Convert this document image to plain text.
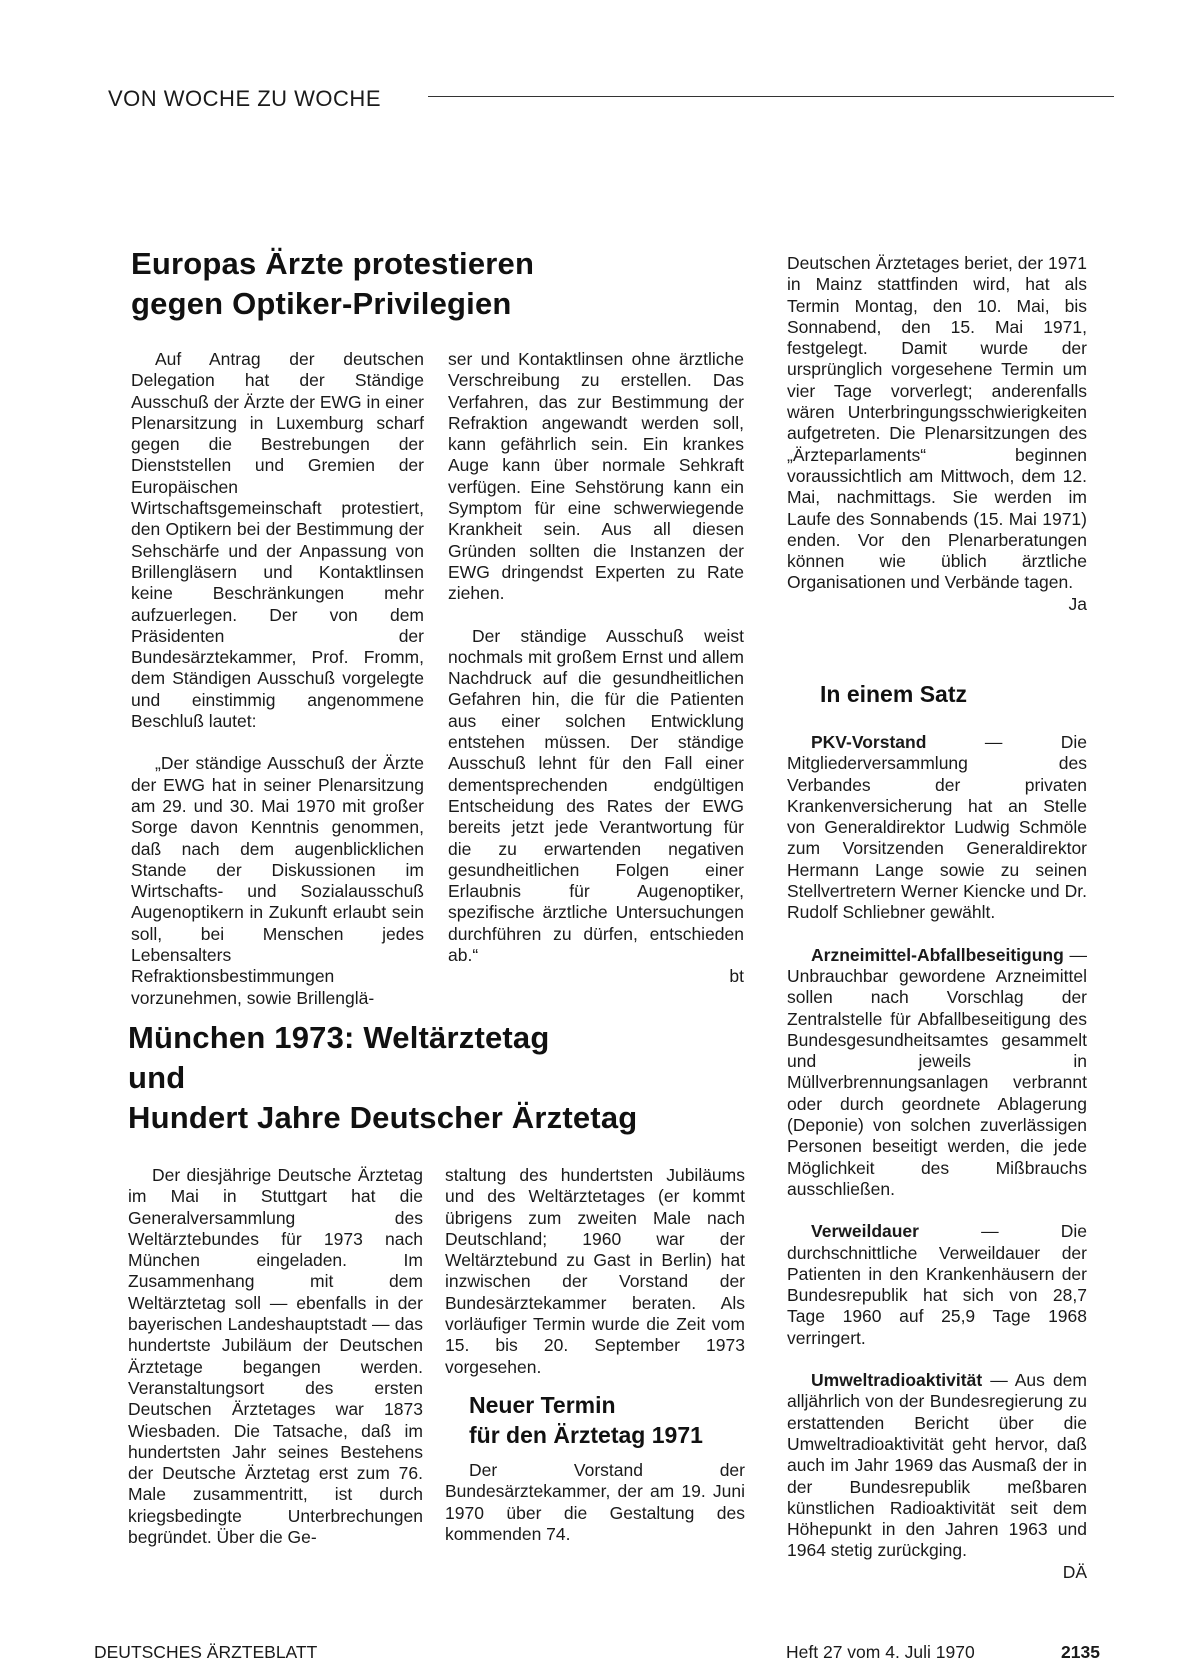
VON WOCHE ZU WOCHE
Europas Ärzte protestieren
gegen Optiker-Privilegien

Auf Antrag der deutschen Delegation hat der Ständige Ausschuß der Ärzte der EWG in einer Plenarsitzung in Luxemburg scharf gegen die Bestrebungen der Dienststellen und Gremien der Europäischen Wirtschaftsgemeinschaft protestiert, den Optikern bei der Bestimmung der Sehschärfe und der Anpassung von Brillengläsern und Kontaktlinsen keine Beschränkungen mehr aufzuerlegen. Der von dem Präsidenten der Bundesärztekammer, Prof. Fromm, dem Ständigen Ausschuß vorgelegte und einstimmig angenommene Beschluß lautet:

„Der ständige Ausschuß der Ärzte der EWG hat in seiner Plenarsitzung am 29. und 30. Mai 1970 mit großer Sorge davon Kenntnis genommen, daß nach dem augenblicklichen Stande der Diskussionen im Wirtschafts- und Sozialausschuß Augenoptikern in Zukunft erlaubt sein soll, bei Menschen jedes Lebensalters Refraktionsbestimmungen vorzunehmen, sowie Brillenglä-

ser und Kontaktlinsen ohne ärztliche Verschreibung zu erstellen. Das Verfahren, das zur Bestimmung der Refraktion angewandt werden soll, kann gefährlich sein. Ein krankes Auge kann über normale Sehkraft verfügen. Eine Sehstörung kann ein Symptom für eine schwerwiegende Krankheit sein. Aus all diesen Gründen sollten die Instanzen der EWG dringendst Experten zu Rate ziehen.

Der ständige Ausschuß weist nochmals mit großem Ernst und allem Nachdruck auf die gesundheitlichen Gefahren hin, die für die Patienten aus einer solchen Entwicklung entstehen müssen. Der ständige Ausschuß lehnt für den Fall einer dementsprechenden endgültigen Entscheidung des Rates der EWG bereits jetzt jede Verantwortung für die zu erwartenden negativen gesundheitlichen Folgen einer Erlaubnis für Augenoptiker, spezifische ärztliche Untersuchungen durchführen zu dürfen, entschieden ab.“
bt

München 1973: Weltärztetag
und
Hundert Jahre Deutscher Ärztetag

Der diesjährige Deutsche Ärztetag im Mai in Stuttgart hat die Generalversammlung des Weltärztebundes für 1973 nach München eingeladen. Im Zusammenhang mit dem Weltärztetag soll — ebenfalls in der bayerischen Landeshauptstadt — das hundertste Jubiläum der Deutschen Ärztetage begangen werden. Veranstaltungsort des ersten Deutschen Ärztetages war 1873 Wiesbaden. Die Tatsache, daß im hundertsten Jahr seines Bestehens der Deutsche Ärztetag erst zum 76. Male zusammentritt, ist durch kriegsbedingte Unterbrechungen begründet. Über die Ge-

staltung des hundertsten Jubiläums und des Weltärztetages (er kommt übrigens zum zweiten Male nach Deutschland; 1960 war der Weltärztebund zu Gast in Berlin) hat inzwischen der Vorstand der Bundesärztekammer beraten. Als vorläufiger Termin wurde die Zeit vom 15. bis 20. September 1973 vorgesehen.

Neuer Termin
für den Ärztetag 1971

Der Vorstand der Bundesärztekammer, der am 19. Juni 1970 über die Gestaltung des kommenden 74.

Deutschen Ärztetages beriet, der 1971 in Mainz stattfinden wird, hat als Termin Montag, den 10. Mai, bis Sonnabend, den 15. Mai 1971, festgelegt. Damit wurde der ursprünglich vorgesehene Termin um vier Tage vorverlegt; anderenfalls wären Unterbringungsschwierigkeiten aufgetreten. Die Plenarsitzungen des „Ärzteparlaments“ beginnen voraussichtlich am Mittwoch, dem 12. Mai, nachmittags. Sie werden im Laufe des Sonnabends (15. Mai 1971) enden. Vor den Plenarberatungen können wie üblich ärztliche Organisationen und Verbände tagen.
Ja

In einem Satz

PKV-Vorstand — Die Mitgliederversammlung des Verbandes der privaten Krankenversicherung hat an Stelle von Generaldirektor Ludwig Schmöle zum Vorsitzenden Generaldirektor Hermann Lange sowie zu seinen Stellvertretern Werner Kiencke und Dr. Rudolf Schliebner gewählt.

Arzneimittel-Abfallbeseitigung — Unbrauchbar gewordene Arzneimittel sollen nach Vorschlag der Zentralstelle für Abfallbeseitigung des Bundesgesundheitsamtes gesammelt und jeweils in Müllverbrennungsanlagen verbrannt oder durch geordnete Ablagerung (Deponie) von solchen zuverlässigen Personen beseitigt werden, die jede Möglichkeit des Mißbrauchs ausschließen.

Verweildauer — Die durchschnittliche Verweildauer der Patienten in den Krankenhäusern der Bundesrepublik hat sich von 28,7 Tage 1960 auf 25,9 Tage 1968 verringert.

Umweltradioaktivität — Aus dem alljährlich von der Bundesregierung zu erstattenden Bericht über die Umweltradioaktivität geht hervor, daß auch im Jahr 1969 das Ausmaß der in der Bundesrepublik meßbaren künstlichen Radioaktivität seit dem Höhepunkt in den Jahren 1963 und 1964 stetig zurückging.
DÄ

DEUTSCHES ÄRZTEBLATT	Heft 27 vom 4. Juli 1970	2135
